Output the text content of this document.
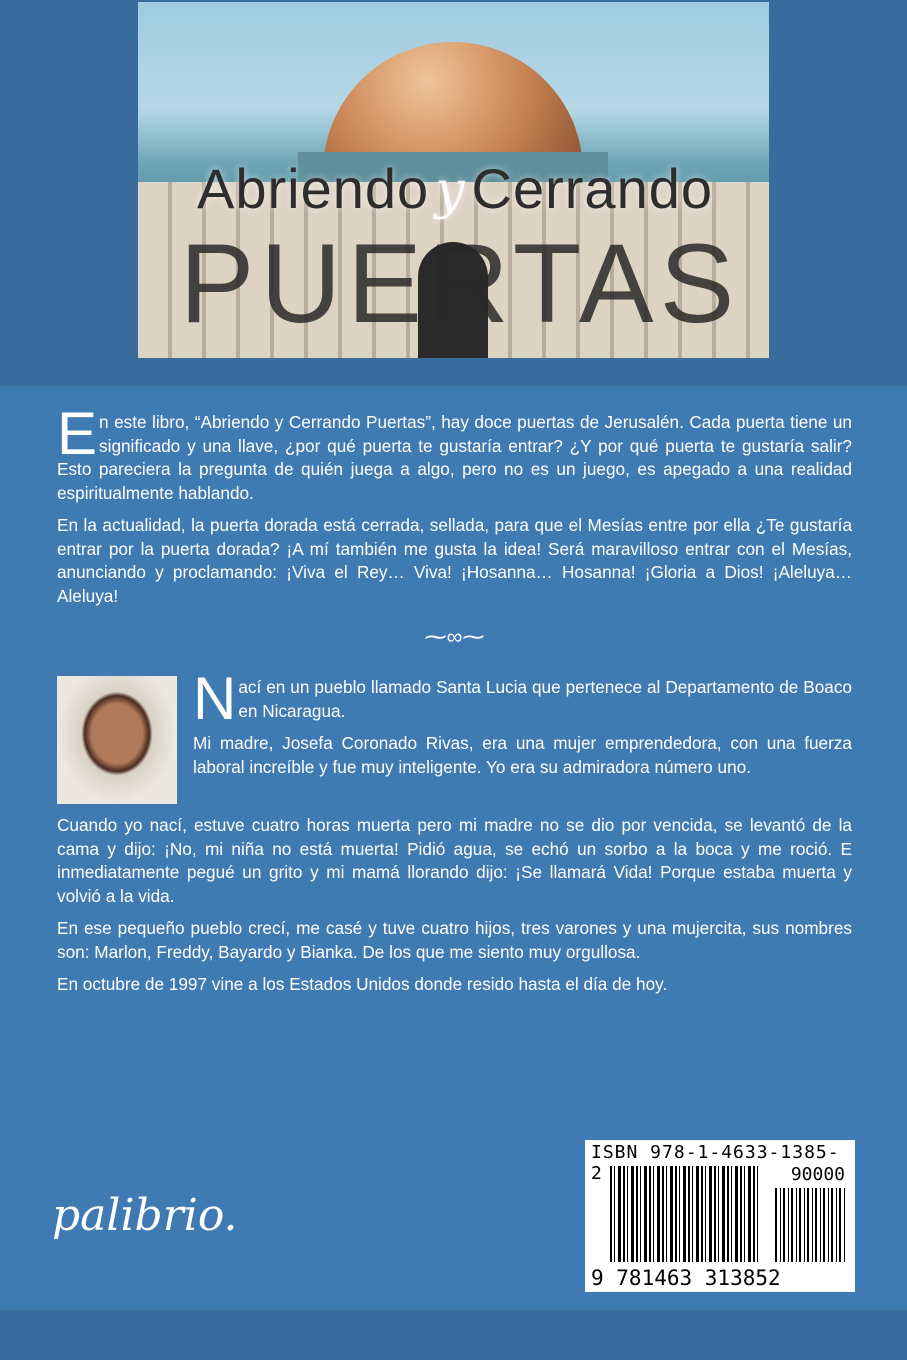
Abriendo y Cerrando
PUERTAS

En este libro, “Abriendo y Cerrando Puertas”, hay doce puertas de Jerusalén. Cada puerta tiene un significado y una llave, ¿por qué puerta te gustaría entrar? ¿Y por qué puerta te gustaría salir? Esto pareciera la pregunta de quién juega a algo, pero no es un juego, es apegado a una realidad espiritualmente hablando.

En la actualidad, la puerta dorada está cerrada, sellada, para que el Mesías entre por ella ¿Te gustaría entrar por la puerta dorada? ¡A mí también me gusta la idea! Será maravilloso entrar con el Mesías, anunciando y proclamando: ¡Viva el Rey… Viva! ¡Hosanna… Hosanna! ¡Gloria a Dios! ¡Aleluya… Aleluya!

⁓∞⁓

Nací en un pueblo llamado Santa Lucia que pertenece al Departamento de Boaco en Nicaragua.

Mi madre, Josefa Coronado Rivas, era una mujer emprendedora, con una fuerza laboral increíble y fue muy inteligente. Yo era su admiradora número uno.

Cuando yo nací, estuve cuatro horas muerta pero mi madre no se dio por vencida, se levantó de la cama y dijo: ¡No, mi niña no está muerta! Pidió agua, se echó un sorbo a la boca y me roció. E inmediatamente pegué un grito y mi mamá llorando dijo: ¡Se llamará Vida! Porque estaba muerta y volvió a la vida.

En ese pequeño pueblo crecí, me casé y tuve cuatro hijos, tres varones y una mujercita, sus nombres son: Marlon, Freddy, Bayardo y Bianka. De los que me siento muy orgullosa.

En octubre de 1997 vine a los Estados Unidos donde resido hasta el día de hoy.

palibrio.
ISBN 978-1-4633-1385-2	90000
9 781463 313852
